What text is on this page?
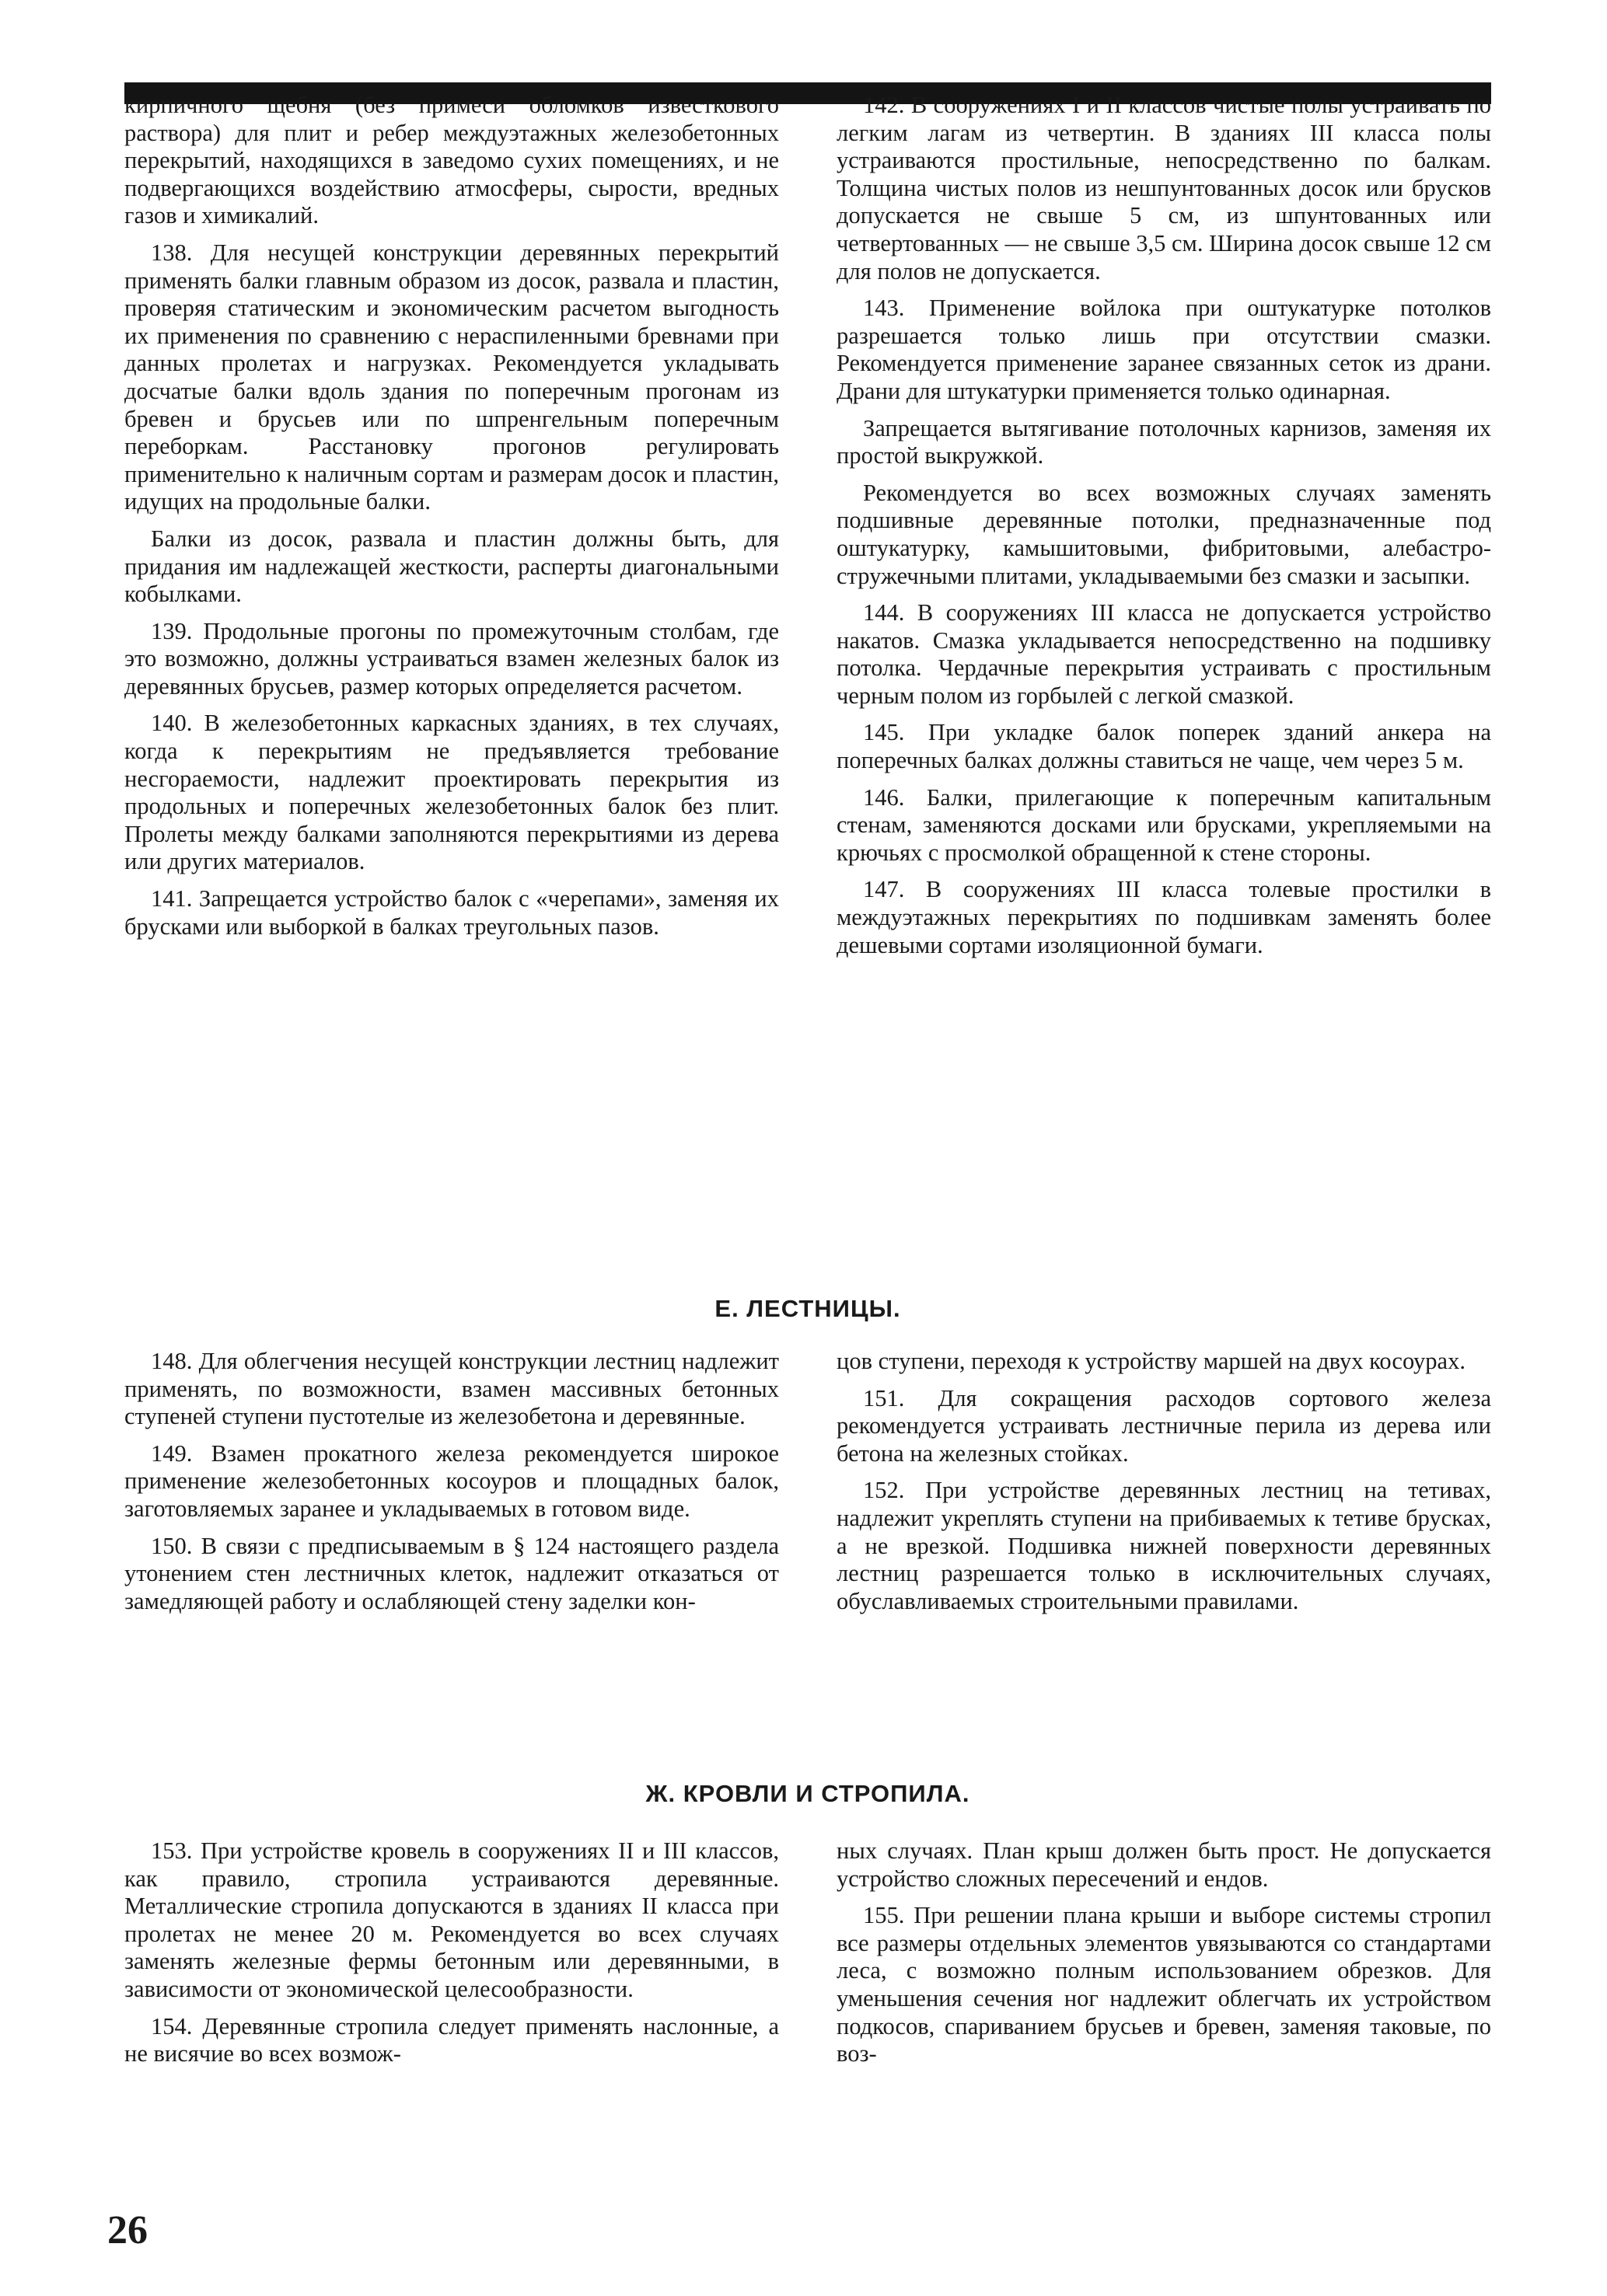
кирпичного щебня (без примеси обломков известкового раствора) для плит и ребер междуэтажных железобетонных перекрытий, находящихся в заведомо сухих помещениях, и не подвергающихся воздействию атмосферы, сырости, вредных газов и химикалий.

138. Для несущей конструкции деревянных перекрытий применять балки главным образом из досок, развала и пластин, проверяя статическим и экономическим расчетом выгодность их применения по сравнению с нераспиленными бревнами при данных пролетах и нагрузках. Рекомендуется укладывать досчатые балки вдоль здания по поперечным прогонам из бревен и брусьев или по шпренгельным поперечным переборкам. Расстановку прогонов регулировать применительно к наличным сортам и размерам досок и пластин, идущих на продольные балки.

Балки из досок, развала и пластин должны быть, для придания им надлежащей жесткости, расперты диагональными кобылками.

139. Продольные прогоны по промежуточным столбам, где это возможно, должны устраиваться взамен железных балок из деревянных брусьев, размер которых определяется расчетом.

140. В железобетонных каркасных зданиях, в тех случаях, когда к перекрытиям не предъявляется требование несгораемости, надлежит проектировать перекрытия из продольных и поперечных железобетонных балок без плит. Пролеты между балками заполняются перекрытиями из дерева или других материалов.

141. Запрещается устройство балок с «черепами», заменяя их брусками или выборкой в балках треугольных пазов.

142. В сооружениях I и II классов чистые полы устраивать по легким лагам из четвертин. В зданиях III класса полы устраиваются простильные, непосредственно по балкам. Толщина чистых полов из нешпунтованных досок или брусков допускается не свыше 5 см, из шпунтованных или четвертованных — не свыше 3,5 см. Ширина досок свыше 12 см для полов не допускается.

143. Применение войлока при оштукатурке потолков разрешается только лишь при отсутствии смазки. Рекомендуется применение заранее связанных сеток из драни. Драни для штукатурки применяется только одинарная.

Запрещается вытягивание потолочных карнизов, заменяя их простой выкружкой.

Рекомендуется во всех возможных случаях заменять подшивные деревянные потолки, предназначенные под оштукатурку, камышитовыми, фибритовыми, алебастро-стружечными плитами, укладываемыми без смазки и засыпки.

144. В сооружениях III класса не допускается устройство накатов. Смазка укладывается непосредственно на подшивку потолка. Чердачные перекрытия устраивать с простильным черным полом из горбылей с легкой смазкой.

145. При укладке балок поперек зданий анкера на поперечных балках должны ставиться не чаще, чем через 5 м.

146. Балки, прилегающие к поперечным капитальным стенам, заменяются досками или брусками, укрепляемыми на крючьях с просмолкой обращенной к стене стороны.

147. В сооружениях III класса толевые простилки в междуэтажных перекрытиях по подшивкам заменять более дешевыми сортами изоляционной бумаги.

Е. ЛЕСТНИЦЫ.

148. Для облегчения несущей конструкции лестниц надлежит применять, по возможности, взамен массивных бетонных ступеней ступени пустотелые из железобетона и деревянные.

149. Взамен прокатного железа рекомендуется широкое применение железобетонных косоуров и площадных балок, заготовляемых заранее и укладываемых в готовом виде.

150. В связи с предписываемым в § 124 настоящего раздела утонением стен лестничных клеток, надлежит отказаться от замедляющей работу и ослабляющей стену заделки кон-

цов ступени, переходя к устройству маршей на двух косоурах.

151. Для сокращения расходов сортового железа рекомендуется устраивать лестничные перила из дерева или бетона на железных стойках.

152. При устройстве деревянных лестниц на тетивах, надлежит укреплять ступени на прибиваемых к тетиве брусках, а не врезкой. Подшивка нижней поверхности деревянных лестниц разрешается только в исключительных случаях, обуславливаемых строительными правилами.

Ж. КРОВЛИ И СТРОПИЛА.

153. При устройстве кровель в сооружениях II и III классов, как правило, стропила устраиваются деревянные. Металлические стропила допускаются в зданиях II класса при пролетах не менее 20 м. Рекомендуется во всех случаях заменять железные фермы бетонным или деревянными, в зависимости от экономической целесообразности.

154. Деревянные стропила следует применять наслонные, а не висячие во всех возмож-

ных случаях. План крыш должен быть прост. Не допускается устройство сложных пересечений и ендов.

155. При решении плана крыши и выборе системы стропил все размеры отдельных элементов увязываются со стандартами леса, с возможно полным использованием обрезков. Для уменьшения сечения ног надлежит облегчать их устройством подкосов, спариванием брусьев и бревен, заменяя таковые, по воз-

26
